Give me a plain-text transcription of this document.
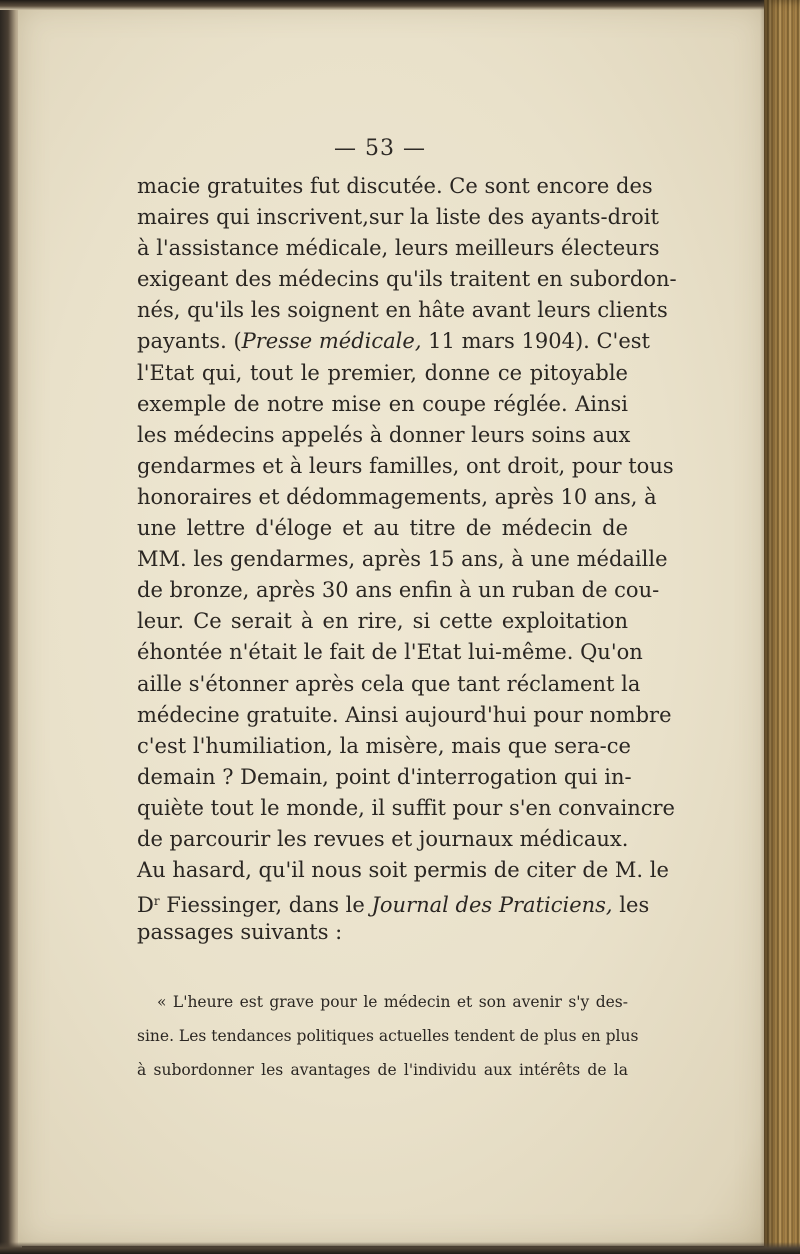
— 53 —
macie gratuites fut discutée. Ce sont encore des
maires qui inscrivent,sur la liste des ayants-droit
à l'assistance médicale, leurs meilleurs électeurs
exigeant des médecins qu'ils traitent en subordon-
nés, qu'ils les soignent en hâte avant leurs clients
payants. (Presse médicale, 11 mars 1904). C'est
l'Etat qui, tout le premier, donne ce pitoyable
exemple de notre mise en coupe réglée. Ainsi
les médecins appelés à donner leurs soins aux
gendarmes et à leurs familles, ont droit, pour tous
honoraires et dédommagements, après 10 ans, à
une lettre d'éloge et au titre de médecin de
MM. les gendarmes, après 15 ans, à une médaille
de bronze, après 30 ans enfin à un ruban de cou-
leur. Ce serait à en rire, si cette exploitation
éhontée n'était le fait de l'Etat lui-même. Qu'on
aille s'étonner après cela que tant réclament la
médecine gratuite. Ainsi aujourd'hui pour nombre
c'est l'humiliation, la misère, mais que sera-ce
demain ? Demain, point d'interrogation qui in-
quiète tout le monde, il suffit pour s'en convaincre
de parcourir les revues et journaux médicaux.
Au hasard, qu'il nous soit permis de citer de M. le
$D^r$ Fiessinger, dans le Journal des Praticiens, les
passages suivants :
« L'heure est grave pour le médecin et son avenir s'y des-
sine. Les tendances politiques actuelles tendent de plus en plus
à subordonner les avantages de l'individu aux intérêts de la
